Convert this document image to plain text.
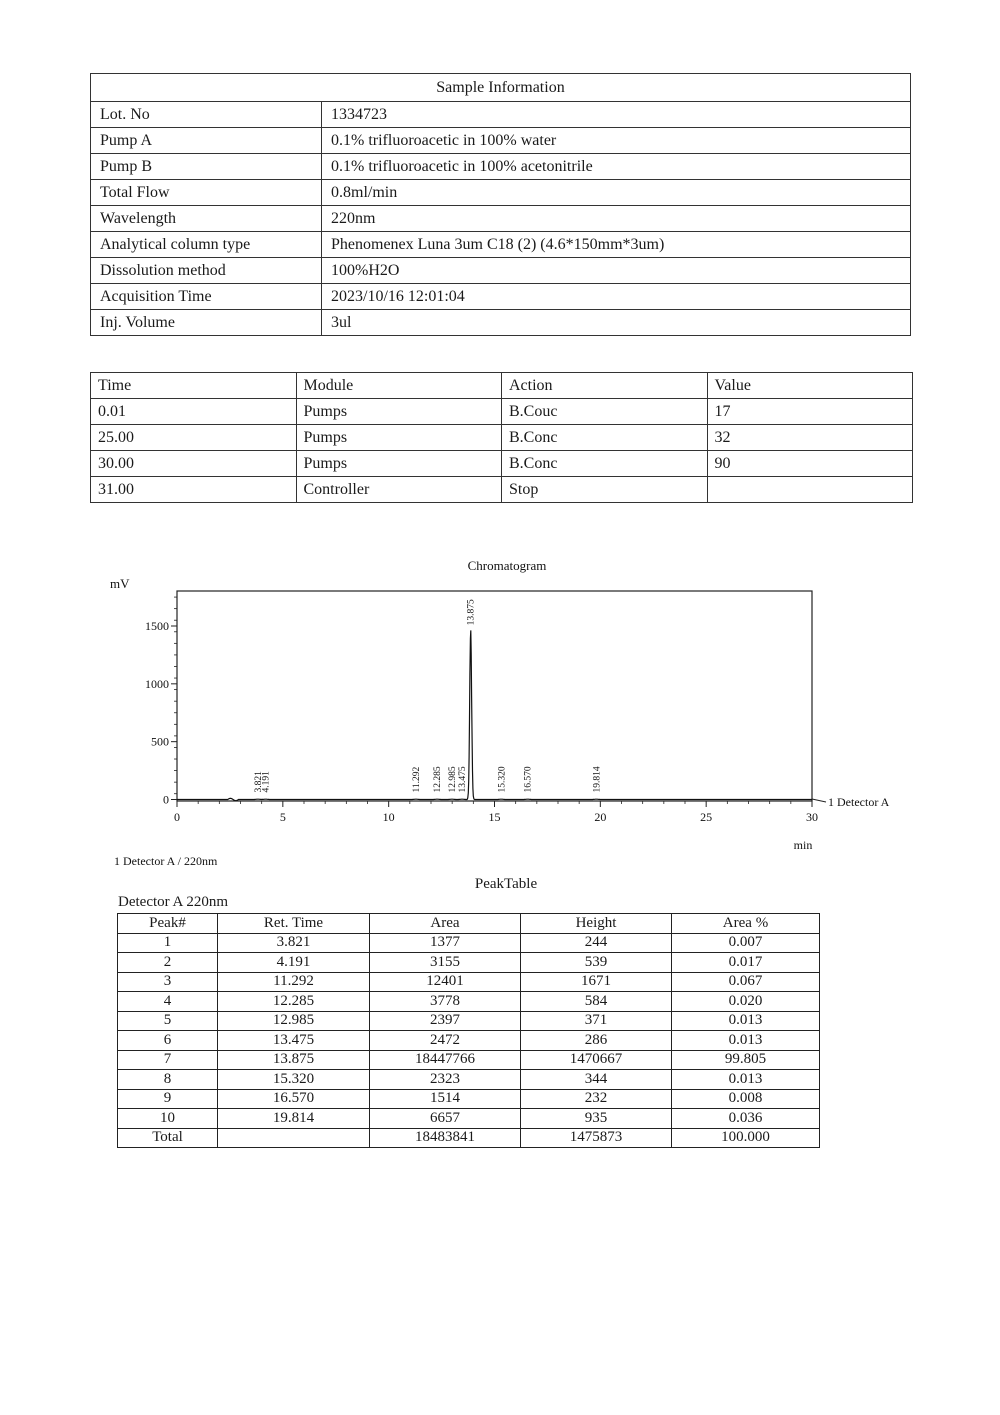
Sample Information	
Lot. No	1334723
Pump A	0.1% trifluoroacetic in 100% water
Pump B	0.1% trifluoroacetic in 100% acetonitrile
Total Flow	0.8ml/min
Wavelength	220nm
Analytical column type	Phenomenex Luna 3um C18 (2) (4.6*150mm*3um)
Dissolution method	100%H2O
Acquisition Time	2023/10/16 12:01:04
Inj. Volume	3ul
Time	Module	Action	Value
0.01	Pumps	B.Couc	17
25.00	Pumps	B.Conc	32
30.00	Pumps	B.Conc	90
31.00	Controller	Stop	
Chromatogram
mV
0
500
1000
1500
0	5	10	15	20	25	30
3.821
4.191	11.292 12.285 12.985 13.475
13.875
15.320 16.570	19.814
1 Detector A
min
1 Detector A / 220nm
PeakTable
Detector A 220nm
Peak#	Ret. Time	Area	Height	Area %
1	3.821	1377	244	0.007
2	4.191	3155	539	0.017
3	11.292	12401	1671	0.067
4	12.285	3778	584	0.020
5	12.985	2397	371	0.013
6	13.475	2472	286	0.013
7	13.875	18447766	1470667	99.805
8	15.320	2323	344	0.013
9	16.570	1514	232	0.008
10	19.814	6657	935	0.036
Total		18483841	1475873	100.000
